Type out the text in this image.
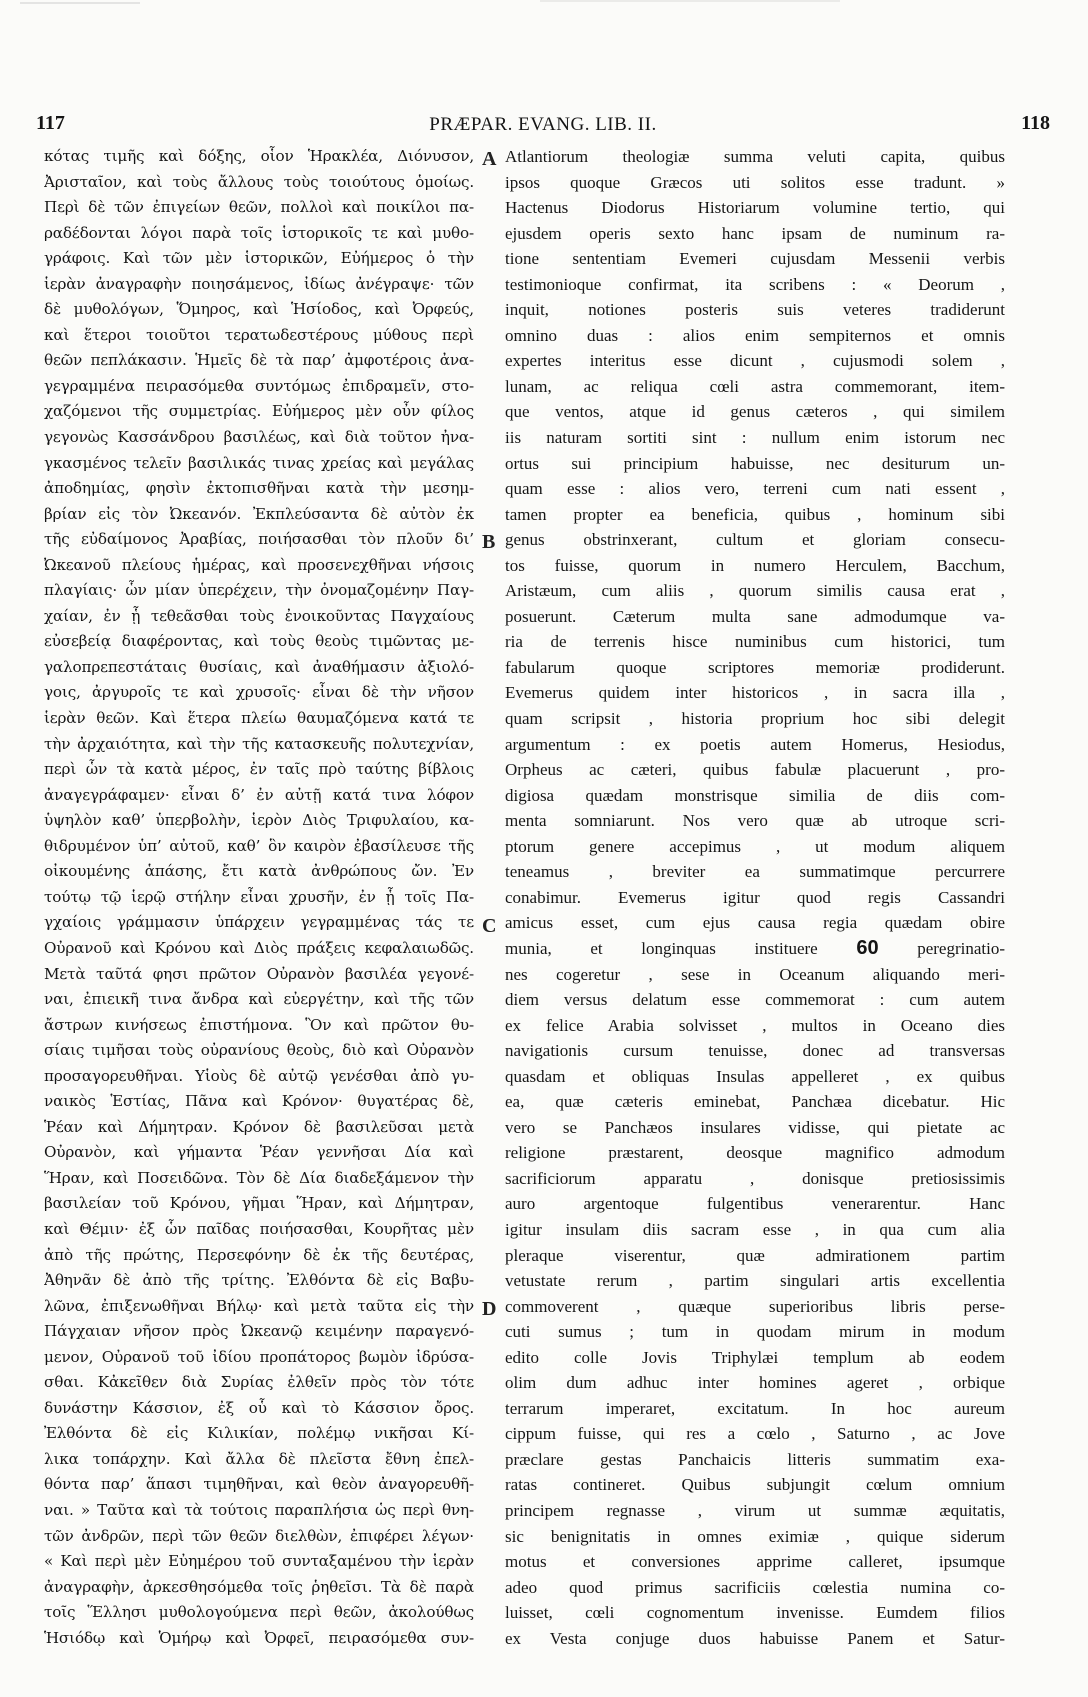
117	PRÆPAR. EVANG. LIB. II.	118
κότας τιμῆς καὶ δόξης, οἷον Ἡρακλέα, Διόνυσον,
Ἀρισταῖον, καὶ τοὺς ἄλλους τοὺς τοιούτους ὁμοίως.
Περὶ δὲ τῶν ἐπιγείων θεῶν, πολλοὶ καὶ ποικίλοι πα-
ραδέδονται λόγοι παρὰ τοῖς ἱστορικοῖς τε καὶ μυθο-
γράφοις. Καὶ τῶν μὲν ἱστορικῶν, Εὐήμερος ὁ τὴν
ἱερὰν ἀναγραφὴν ποιησάμενος, ἰδίως ἀνέγραψε· τῶν
δὲ μυθολόγων, Ὅμηρος, καὶ Ἡσίοδος, καὶ Ὀρφεύς,
καὶ ἕτεροι τοιοῦτοι τερατωδεστέρους μύθους περὶ
θεῶν πεπλάκασιν. Ἡμεῖς δὲ τὰ παρ’ ἀμφοτέροις ἀνα-
γεγραμμένα πειρασόμεθα συντόμως ἐπιδραμεῖν, στο-
χαζόμενοι τῆς συμμετρίας. Εὐήμερος μὲν οὖν φίλος
γεγονὼς Κασσάνδρου βασιλέως, καὶ διὰ τοῦτον ἠνα-
γκασμένος τελεῖν βασιλικάς τινας χρείας καὶ μεγάλας
ἀποδημίας, φησὶν ἐκτοπισθῆναι κατὰ τὴν μεσημ-
βρίαν εἰς τὸν Ὠκεανόν. Ἐκπλεύσαντα δὲ αὐτὸν ἐκ
τῆς εὐδαίμονος Ἀραβίας, ποιήσασθαι τὸν πλοῦν δι’
Ὠκεανοῦ πλείους ἡμέρας, καὶ προσενεχθῆναι νήσοις
πλαγίαις· ὧν μίαν ὑπερέχειν, τὴν ὀνομαζομένην Παγ-
χαίαν, ἐν ᾗ τεθεᾶσθαι τοὺς ἐνοικοῦντας Παγχαίους
εὐσεβείᾳ διαφέροντας, καὶ τοὺς θεοὺς τιμῶντας με-
γαλοπρεπεστάταις θυσίαις, καὶ ἀναθήμασιν ἀξιολό-
γοις, ἀργυροῖς τε καὶ χρυσοῖς· εἶναι δὲ τὴν νῆσον
ἱερὰν θεῶν. Καὶ ἕτερα πλείω θαυμαζόμενα κατά τε
τὴν ἀρχαιότητα, καὶ τὴν τῆς κατασκευῆς πολυτεχνίαν,
περὶ ὧν τὰ κατὰ μέρος, ἐν ταῖς πρὸ ταύτης βίβλοις
ἀναγεγράφαμεν· εἶναι δ’ ἐν αὐτῇ κατά τινα λόφον
ὑψηλὸν καθ’ ὑπερβολὴν, ἱερὸν Διὸς Τριφυλαίου, κα-
θιδρυμένον ὑπ’ αὐτοῦ, καθ’ ὃν καιρὸν ἐβασίλευσε τῆς
οἰκουμένης ἁπάσης, ἔτι κατὰ ἀνθρώπους ὤν. Ἐν
τούτῳ τῷ ἱερῷ στήλην εἶναι χρυσῆν, ἐν ᾗ τοῖς Πα-
γχαίοις γράμμασιν ὑπάρχειν γεγραμμένας τάς τε
Οὐρανοῦ καὶ Κρόνου καὶ Διὸς πράξεις κεφαλαιωδῶς.
Μετὰ ταῦτά φησι πρῶτον Οὐρανὸν βασιλέα γεγονέ-
ναι, ἐπιεικῆ τινα ἄνδρα καὶ εὐεργέτην, καὶ τῆς τῶν
ἄστρων κινήσεως ἐπιστήμονα. Ὃν καὶ πρῶτον θυ-
σίαις τιμῆσαι τοὺς οὐρανίους θεοὺς, διὸ καὶ Οὐρανὸν
προσαγορευθῆναι. Υἱοὺς δὲ αὐτῷ γενέσθαι ἀπὸ γυ-
ναικὸς Ἑστίας, Πᾶνα καὶ Κρόνον· θυγατέρας δὲ,
Ῥέαν καὶ Δήμητραν. Κρόνον δὲ βασιλεῦσαι μετὰ
Οὐρανὸν, καὶ γήμαντα Ῥέαν γεννῆσαι Δία καὶ
Ἥραν, καὶ Ποσειδῶνα. Τὸν δὲ Δία διαδεξάμενον τὴν
βασιλείαν τοῦ Κρόνου, γῆμαι Ἥραν, καὶ Δήμητραν,
καὶ Θέμιν· ἐξ ὧν παῖδας ποιήσασθαι, Κουρῆτας μὲν
ἀπὸ τῆς πρώτης, Περσεφόνην δὲ ἐκ τῆς δευτέρας,
Ἀθηνᾶν δὲ ἀπὸ τῆς τρίτης. Ἐλθόντα δὲ εἰς Βαβυ-
λῶνα, ἐπιξενωθῆναι Βήλῳ· καὶ μετὰ ταῦτα εἰς τὴν
Πάγχαιαν νῆσον πρὸς Ὠκεανῷ κειμένην παραγενό-
μενον, Οὐρανοῦ τοῦ ἰδίου προπάτορος βωμὸν ἱδρύσα-
σθαι. Κἀκεῖθεν διὰ Συρίας ἐλθεῖν πρὸς τὸν τότε
δυνάστην Κάσσιον, ἐξ οὗ καὶ τὸ Κάσσιον ὄρος.
Ἐλθόντα δὲ εἰς Κιλικίαν, πολέμῳ νικῆσαι Κί-
λικα τοπάρχην. Καὶ ἄλλα δὲ πλεῖστα ἔθνη ἐπελ-
θόντα παρ’ ἅπασι τιμηθῆναι, καὶ θεὸν ἀναγορευθῆ-
ναι. » Ταῦτα καὶ τὰ τούτοις παραπλήσια ὡς περὶ θνη-
τῶν ἀνδρῶν, περὶ τῶν θεῶν διελθὼν, ἐπιφέρει λέγων·
« Καὶ περὶ μὲν Εὐημέρου τοῦ συνταξαμένου τὴν ἱερὰν
ἀναγραφὴν, ἀρκεσθησόμεθα τοῖς ῥηθεῖσι. Τὰ δὲ παρὰ
τοῖς Ἕλλησι μυθολογούμενα περὶ θεῶν, ἀκολούθως
Ἡσιόδῳ καὶ Ὁμήρῳ καὶ Ὀρφεῖ, πειρασόμεθα συν-
Atlantiorum theologiæ summa veluti capita, quibus
ipsos quoque Græcos uti solitos esse tradunt. »
Hactenus Diodorus Historiarum volumine tertio, qui
ejusdem operis sexto hanc ipsam de numinum ra-
tione sententiam Evemeri cujusdam Messenii verbis
testimonioque confirmat, ita scribens : « Deorum ,
inquit, notiones posteris suis veteres tradiderunt
omnino duas : alios enim sempiternos et omnis
expertes interitus esse dicunt , cujusmodi solem ,
lunam, ac reliqua cœli astra commemorant, item-
que ventos, atque id genus cæteros , qui similem
iis naturam sortiti sint : nullum enim istorum nec
ortus sui principium habuisse, nec desiturum un-
quam esse : alios vero, terreni cum nati essent ,
tamen propter ea beneficia, quibus , hominum sibi
genus obstrinxerant, cultum et gloriam consecu-
tos fuisse, quorum in numero Herculem, Bacchum,
Aristæum, cum aliis , quorum similis causa erat ,
posuerunt. Cæterum multa sane admodumque va-
ria de terrenis hisce numinibus cum historici, tum
fabularum quoque scriptores memoriæ prodiderunt.
Evemerus quidem inter historicos , in sacra illa ,
quam scripsit , historia proprium hoc sibi delegit
argumentum : ex poetis autem Homerus, Hesiodus,
Orpheus ac cæteri, quibus fabulæ placuerunt , pro-
digiosa quædam monstrisque similia de diis com-
menta somniarunt. Nos vero quæ ab utroque scri-
ptorum genere accepimus , ut modum aliquem
teneamus , breviter ea summatimque percurrere
conabimur. Evemerus igitur quod regis Cassandri
amicus esset, cum ejus causa regia quædam obire
munia, et longinquas instituere 60 peregrinatio-
nes cogeretur , sese in Oceanum aliquando meri-
diem versus delatum esse commemorat : cum autem
ex felice Arabia solvisset , multos in Oceano dies
navigationis cursum tenuisse, donec ad transversas
quasdam et obliquas Insulas appelleret , ex quibus
ea, quæ cæteris eminebat, Panchæa dicebatur. Hic
vero se Panchæos insulares vidisse, qui pietate ac
religione præstarent, deosque magnifico admodum
sacrificiorum apparatu , donisque pretiosissimis
auro argentoque fulgentibus venerarentur. Hanc
igitur insulam diis sacram esse , in qua cum alia
pleraque viserentur, quæ admirationem partim
vetustate rerum , partim singulari artis excellentia
commoverent , quæque superioribus libris perse-
cuti sumus ; tum in quodam mirum in modum
edito colle Jovis Triphylæi templum ab eodem
olim dum adhuc inter homines ageret , orbique
terrarum imperaret, excitatum. In hoc aureum
cippum fuisse, qui res a cœlo , Saturno , ac Jove
præclare gestas Panchaicis litteris summatim exa-
ratas contineret. Quibus subjungit cœlum omnium
principem regnasse , virum ut summæ æquitatis,
sic benignitatis in omnes eximiæ , quique siderum
motus et conversiones apprime calleret, ipsumque
adeo quod primus sacrificiis cœlestia numina co-
luisset, cœli cognomentum invenisse. Eumdem filios
ex Vesta conjuge duos habuisse Panem et Satur-
A
B
C
D
